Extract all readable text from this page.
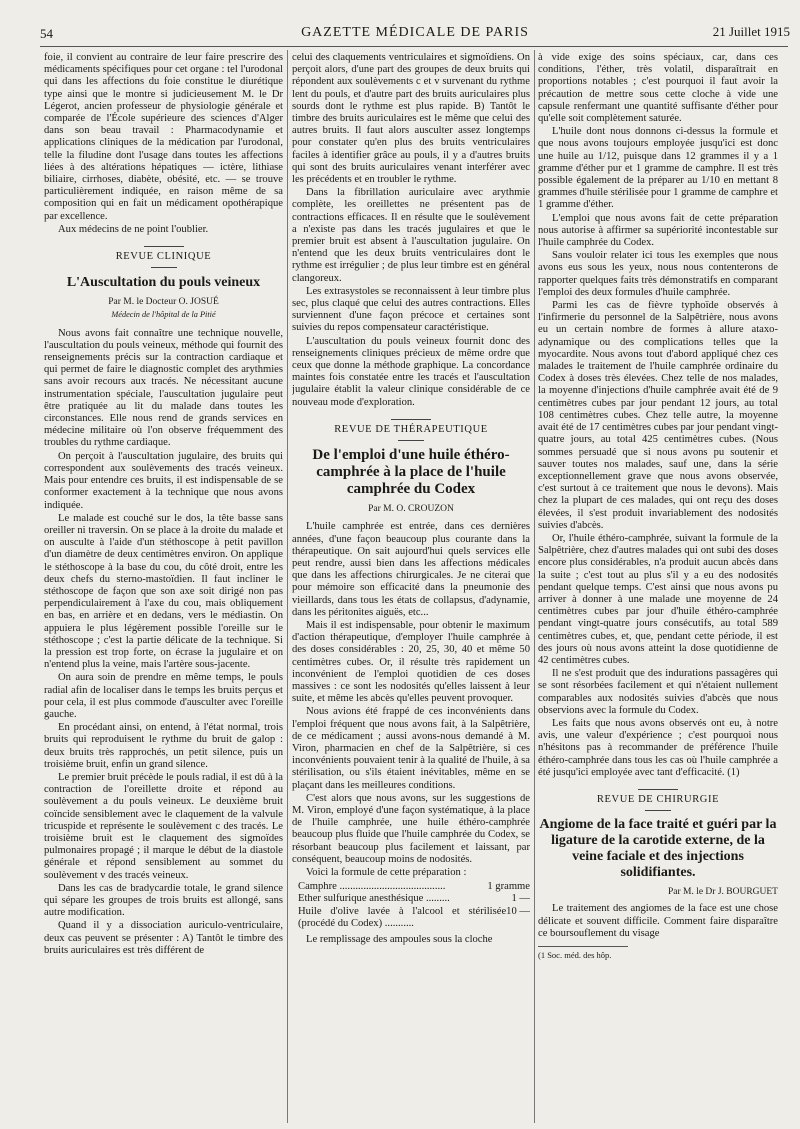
54	GAZETTE MÉDICALE DE PARIS	21 Juillet 1915

foie, il convient au contraire de leur faire prescrire des médicaments spécifiques pour cet organe : tel l'urodonal qui dans les affections du foie constitue le diurétique type ainsi que le montre si judicieusement M. le Dr Légerot, ancien professeur de physiologie générale et comparée de l'École supérieure des sciences d'Alger dans son beau travail : Pharmacodynamie et applications cliniques de la médication par l'urodonal, telle la filudine dont l'usage dans toutes les affections liées à des altérations hépatiques — ictère, lithiase biliaire, cirrhoses, diabète, obésité, etc. — se trouve particulièrement indiquée, en raison même de sa composition qui en fait un médicament opothérapique par excellence.

Aux médecins de ne point l'oublier.

REVUE CLINIQUE
L'Auscultation du pouls veineux
Par M. le Docteur O. JOSUÉ
Médecin de l'hôpital de la Pitié

Nous avons fait connaître une technique nouvelle, l'auscultation du pouls veineux, méthode qui fournit des renseignements précis sur la contraction cardiaque et qui permet de faire le diagnostic complet des arythmies sans avoir recours aux tracés. Ne nécessitant aucune instrumentation spéciale, l'auscultation jugulaire peut être pratiquée au lit du malade dans toutes les circonstances. Elle nous rend de grands services en médecine militaire où l'on observe fréquemment des troubles du rythme cardiaque.

On perçoit à l'auscultation jugulaire, des bruits qui correspondent aux soulèvements des tracés veineux. Mais pour entendre ces bruits, il est indispensable de se conformer exactement à la technique que nous avons indiquée.

Le malade est couché sur le dos, la tête basse sans oreiller ni traversin. On se place à la droite du malade et on ausculte à l'aide d'un stéthoscope à petit pavillon d'un diamètre de deux centimètres environ. On applique le stéthoscope à la base du cou, du côté droit, entre les deux chefs du sterno-mastoïdien. Il faut incliner le stéthoscope de façon que son axe soit dirigé non pas perpendiculairement à l'axe du cou, mais obliquement en bas, en arrière et en dedans, vers le médiastin. On appuiera le plus légèrement possible l'oreille sur le stéthoscope ; c'est la partie délicate de la technique. Si la pression est trop forte, on écrase la jugulaire et on n'entend plus la veine, mais l'artère sous-jacente.

On aura soin de prendre en même temps, le pouls radial afin de localiser dans le temps les bruits perçus et pour cela, il est plus commode d'ausculter avec l'oreille gauche.

En procédant ainsi, on entend, à l'état normal, trois bruits qui reproduisent le rythme du bruit de galop : deux bruits très rapprochés, un petit silence, puis un troisième bruit, enfin un grand silence.

Le premier bruit précède le pouls radial, il est dû à la contraction de l'oreillette droite et répond au soulèvement a du pouls veineux. Le deuxième bruit coïncide sensiblement avec le claquement de la valvule tricuspide et représente le soulèvement c des tracés. Le troisième bruit est le claquement des sigmoïdes pulmonaires propagé ; il marque le début de la diastole générale et répond sensiblement au sommet du soulèvement v des tracés veineux.

Dans les cas de bradycardie totale, le grand silence qui sépare les groupes de trois bruits est allongé, sans autre modification.

Quand il y a dissociation auriculo-ventriculaire, deux cas peuvent se présenter : A) Tantôt le timbre des bruits auriculaires est très différent de

celui des claquements ventriculaires et sigmoïdiens. On perçoit alors, d'une part des groupes de deux bruits qui répondent aux soulèvements c et v survenant du rythme lent du pouls, et d'autre part des bruits auriculaires plus sourds dont le rythme est plus rapide. B) Tantôt le timbre des bruits auriculaires est le même que celui des autres bruits. Il faut alors ausculter assez longtemps pour constater qu'en plus des bruits ventriculaires faciles à identifier grâce au pouls, il y a d'autres bruits qui sont des bruits auriculaires venant interférer avec les précédents et en troubler le rythme.

Dans la fibrillation auriculaire avec arythmie complète, les oreillettes ne présentent pas de contractions efficaces. Il en résulte que le soulèvement a n'existe pas dans les tracés jugulaires et que le premier bruit est absent à l'auscultation jugulaire. On n'entend que les deux bruits ventriculaires dont le rythme est irrégulier ; de plus leur timbre est en général clangoreux.

Les extrasystoles se reconnaissent à leur timbre plus sec, plus claqué que celui des autres contractions. Elles surviennent d'une façon précoce et certaines sont suivies du repos compensateur caractéristique.

L'auscultation du pouls veineux fournit donc des renseignements cliniques précieux de même ordre que ceux que donne la méthode graphique. La concordance maintes fois constatée entre les tracés et l'auscultation jugulaire établit la valeur clinique considérable de ce nouveau mode d'exploration.

REVUE DE THÉRAPEUTIQUE
De l'emploi d'une huile éthéro-camphrée à la place de l'huile camphrée du Codex
Par M. O. CROUZON

L'huile camphrée est entrée, dans ces dernières années, d'une façon beaucoup plus courante dans la thérapeutique. On sait aujourd'hui quels services elle peut rendre, aussi bien dans les affections médicales que dans les affections chirurgicales. Je ne citerai que pour mémoire son efficacité dans la pneumonie des vieillards, dans tous les états de collapsus, d'adynamie, dans les péritonites aiguës, etc...

Mais il est indispensable, pour obtenir le maximum d'action thérapeutique, d'employer l'huile camphrée à des doses considérables : 20, 25, 30, 40 et même 50 centimètres cubes. Or, il résulte très rapidement un inconvénient de l'emploi quotidien de ces doses massives : ce sont les nodosités qu'elles laissent à leur suite, et même les abcès qu'elles peuvent provoquer.

Nous avions été frappé de ces inconvénients dans l'emploi fréquent que nous avons fait, à la Salpêtrière, de ce médicament ; aussi avons-nous demandé à M. Viron, pharmacien en chef de la Salpêtrière, si ces inconvénients pouvaient tenir à la qualité de l'huile, à sa stérilisation, ou s'ils étaient inévitables, même en se plaçant dans les meilleures conditions.

C'est alors que nous avons, sur les suggestions de M. Viron, employé d'une façon systématique, à la place de l'huile camphrée, une huile éthéro-camphrée beaucoup plus fluide que l'huile camphrée du Codex, se résorbant beaucoup plus facilement et laissant, par conséquent, beaucoup moins de nodosités.

Voici la formule de cette préparation :

Camphre ........................................	1 gramme
Ether sulfurique anesthésique .........	1 —
Huile d'olive lavée à l'alcool et stérilisée (procédé du Codex) ...........
10 —

Le remplissage des ampoules sous la cloche

à vide exige des soins spéciaux, car, dans ces conditions, l'éther, très volatil, disparaîtrait en proportions notables ; c'est pourquoi il faut avoir la précaution de mettre sous cette cloche à vide une capsule renfermant une quantité suffisante d'éther pour qu'elle soit complètement saturée.

L'huile dont nous donnons ci-dessus la formule et que nous avons toujours employée jusqu'ici est donc une huile au 1/12, puisque dans 12 grammes il y a 1 gramme d'éther pur et 1 gramme de camphre. Il est très possible également de la préparer au 1/10 en mettant 8 grammes d'huile stérilisée pour 1 gramme de camphre et 1 gramme d'éther.

L'emploi que nous avons fait de cette préparation nous autorise à affirmer sa supériorité incontestable sur l'huile camphrée du Codex.

Sans vouloir relater ici tous les exemples que nous avons eus sous les yeux, nous nous contenterons de rapporter quelques faits très démonstratifs en comparant l'emploi des deux formules d'huile camphrée.

Parmi les cas de fièvre typhoïde observés à l'infirmerie du personnel de la Salpêtrière, nous avons eu un certain nombre de formes à allure ataxo-adynamique ou des complications telles que la myocardite. Nous avons tout d'abord appliqué chez ces malades le traitement de l'huile camphrée ordinaire du Codex à doses très élevées. Chez telle de nos malades, la moyenne d'injections d'huile camphrée avait été de 9 centimètres cubes par jour pendant 12 jours, au total 108 centimètres cubes. Chez telle autre, la moyenne avait été de 17 centimètres cubes par jour pendant vingt-quatre jours, au total 425 centimètres cubes. (Nous sommes persuadé que si nous avons pu soutenir et sauver toutes nos malades, sauf une, dans la série exceptionnellement grave que nous avons observée, c'est surtout à ce traitement que nous le devons). Mais chez la plupart de ces malades, qui ont reçu des doses élevées, il s'est produit invariablement des nodosités suivies d'abcès.

Or, l'huile éthéro-camphrée, suivant la formule de la Salpêtrière, chez d'autres malades qui ont subi des doses encore plus considérables, n'a produit aucun abcès dans la suite ; c'est tout au plus s'il y a eu des nodosités pendant quelque temps. C'est ainsi que nous avons pu arriver à donner à une malade une moyenne de 24 centimètres cubes par jour d'huile éthéro-camphrée pendant vingt-quatre jours consécutifs, au total 589 centimètres cubes, et, que, pendant cette période, il est des jours où nous avons atteint la dose quotidienne de 42 centimètres cubes.

Il ne s'est produit que des indurations passagères qui se sont résorbées facilement et qui n'étaient nullement comparables aux nodosités suivies d'abcès que nous observions avec la formule du Codex.

Les faits que nous avons observés ont eu, à notre avis, une valeur d'expérience ; c'est pourquoi nous n'hésitons pas à recommander de préférence l'huile éthéro-camphrée dans tous les cas où l'huile camphrée a été jusqu'ici employée avec tant d'efficacité. (1)

REVUE DE CHIRURGIE
Angiome de la face traité et guéri par la ligature de la carotide externe, de la veine faciale et des injections solidifiantes.
Par M. le Dr J. BOURGUET

Le traitement des angiomes de la face est une chose délicate et souvent difficile. Comment faire disparaître ce boursouflement du visage

(1 Soc. méd. des hôp.
